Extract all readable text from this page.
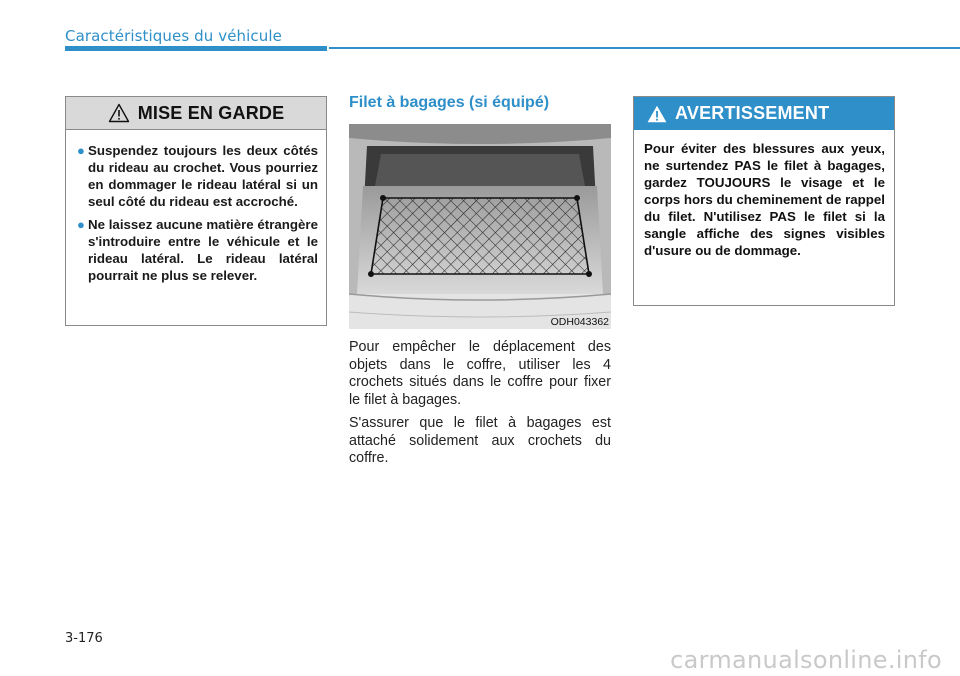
Caractéristiques du véhicule
MISE EN GARDE
● Suspendez toujours les deux côtés du rideau au crochet. Vous pourriez en dommager le rideau latéral si un seul côté du rideau est accroché.
● Ne laissez aucune matière étrangère s'introduire entre le véhicule et le rideau latéral. Le rideau latéral pourrait ne plus se relever.
Filet à bagages (si équipé)
ODH043362

Pour empêcher le déplacement des objets dans le coffre, utiliser les 4 crochets situés dans le coffre pour fixer le filet à bagages.

S'assurer que le filet à bagages est attaché solidement aux crochets du coffre.

AVERTISSEMENT
Pour éviter des blessures aux yeux, ne surtendez PAS le filet à bagages, gardez TOUJOURS le visage et le corps hors du cheminement de rappel du filet. N'utilisez PAS le filet si la sangle affiche des signes visibles d'usure ou de dommage.
3-176
carmanualsonline.info
